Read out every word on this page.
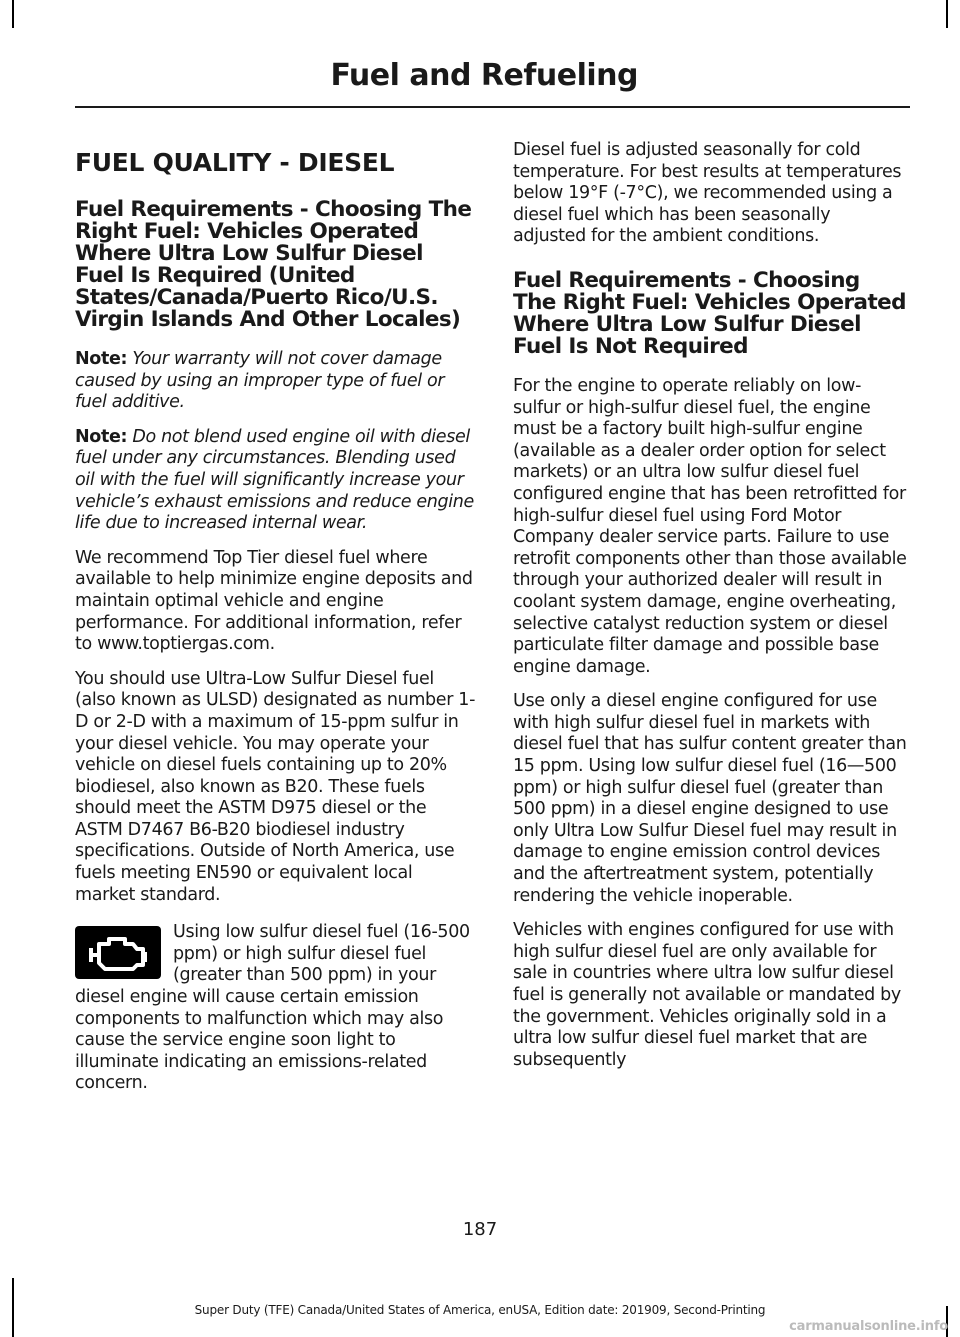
Fuel and Refueling
FUEL QUALITY - DIESEL
Fuel Requirements - Choosing The Right Fuel: Vehicles Operated Where Ultra Low Sulfur Diesel Fuel Is Required (United States/Canada/Puerto Rico/U.S. Virgin Islands And Other Locales)

Note: Your warranty will not cover damage caused by using an improper type of fuel or fuel additive.

Note: Do not blend used engine oil with diesel fuel under any circumstances. Blending used oil with the fuel will significantly increase your vehicle’s exhaust emissions and reduce engine life due to increased internal wear.

We recommend Top Tier diesel fuel where available to help minimize engine deposits and maintain optimal vehicle and engine performance. For additional information, refer to www.toptiergas.com.

You should use Ultra-Low Sulfur Diesel fuel (also known as ULSD) designated as number 1-D or 2-D with a maximum of 15-ppm sulfur in your diesel vehicle. You may operate your vehicle on diesel fuels containing up to 20% biodiesel, also known as B20. These fuels should meet the ASTM D975 diesel or the ASTM D7467 B6-B20 biodiesel industry specifications. Outside of North America, use fuels meeting EN590 or equivalent local market standard.

Using low sulfur diesel fuel (16-500 ppm) or high sulfur diesel fuel (greater than 500 ppm) in your diesel engine will cause certain emission components to malfunction which may also cause the service engine soon light to illuminate indicating an emissions-related concern.

Diesel fuel is adjusted seasonally for cold temperature. For best results at temperatures below 19°F (-7°C), we recommended using a diesel fuel which has been seasonally adjusted for the ambient conditions.

Fuel Requirements - Choosing The Right Fuel: Vehicles Operated Where Ultra Low Sulfur Diesel Fuel Is Not Required

For the engine to operate reliably on low-sulfur or high-sulfur diesel fuel, the engine must be a factory built high-sulfur engine (available as a dealer order option for select markets) or an ultra low sulfur diesel fuel configured engine that has been retrofitted for high-sulfur diesel fuel using Ford Motor Company dealer service parts. Failure to use retrofit components other than those available through your authorized dealer will result in coolant system damage, engine overheating, selective catalyst reduction system or diesel particulate filter damage and possible base engine damage.

Use only a diesel engine configured for use with high sulfur diesel fuel in markets with diesel fuel that has sulfur content greater than 15 ppm. Using low sulfur diesel fuel (16—500 ppm) or high sulfur diesel fuel (greater than 500 ppm) in a diesel engine designed to use only Ultra Low Sulfur Diesel fuel may result in damage to engine emission control devices and the aftertreatment system, potentially rendering the vehicle inoperable.

Vehicles with engines configured for use with high sulfur diesel fuel are only available for sale in countries where ultra low sulfur diesel fuel is generally not available or mandated by the government. Vehicles originally sold in a ultra low sulfur diesel fuel market that are subsequently

187
Super Duty (TFE) Canada/United States of America, enUSA, Edition date: 201909, Second-Printing
carmanualsonline.info
